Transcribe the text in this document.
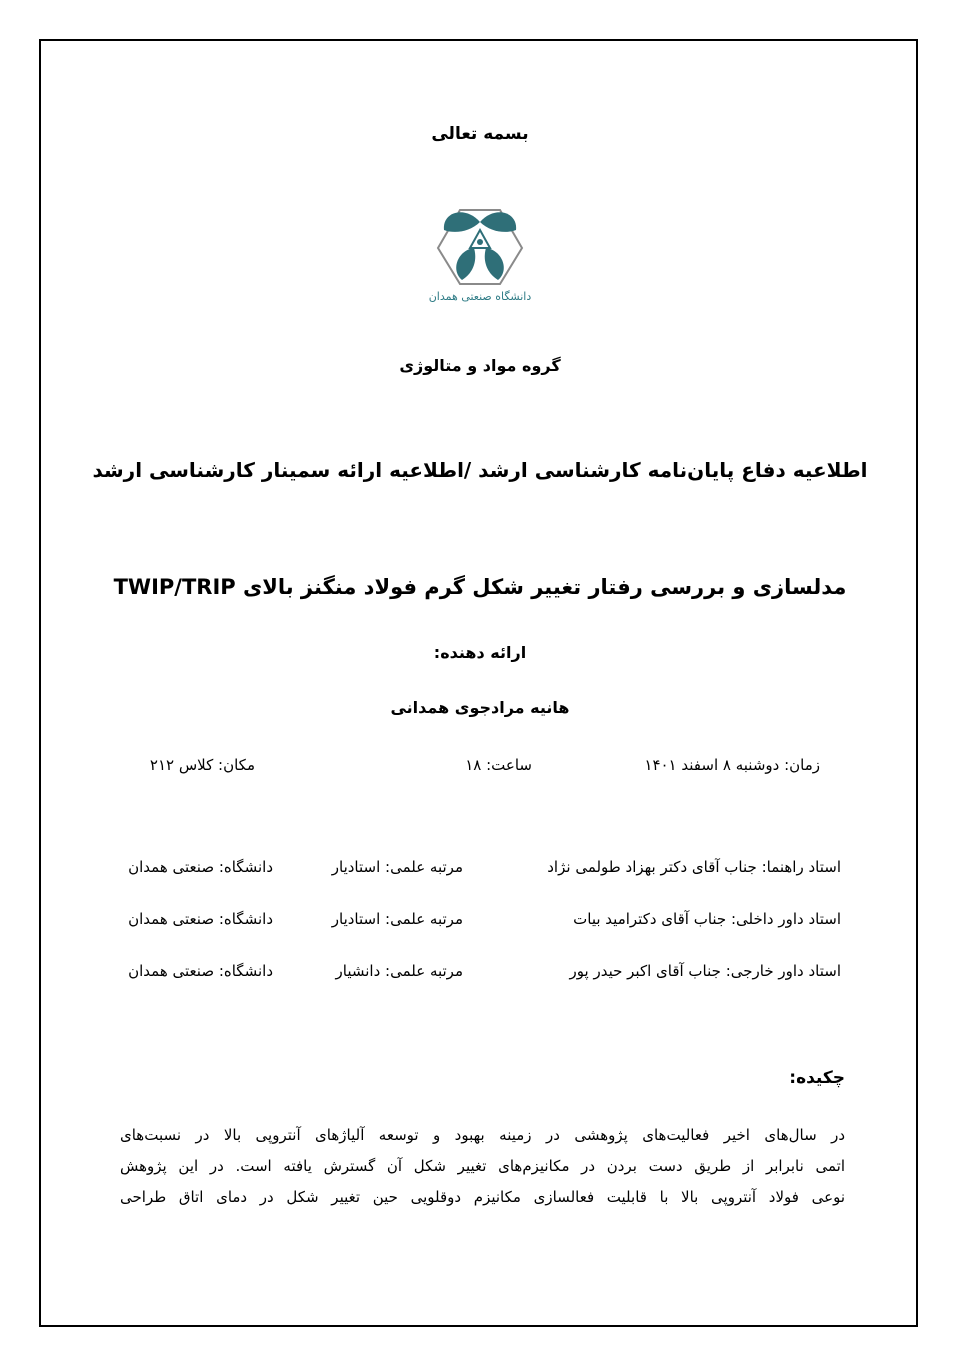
بسمه تعالی
دانشگاه صنعتی همدان
گروه مواد و متالوژی
اطلاعیه دفاع پایان‌نامه کارشناسی ارشد /اطلاعیه ارائه سمینار کارشناسی ارشد
مدلسازی و بررسی رفتار تغییر شکل گرم فولاد منگنز بالای TWIP/TRIP
ارائه دهنده:
هانیه مرادجوی همدانی
زمان: دوشنبه ۸ اسفند ۱۴۰۱
ساعت: ۱۸
مکان: کلاس ۲۱۲
استاد راهنما: جناب آقای دکتر بهزاد طولمی نژاد
مرتبه علمی: استادیار
دانشگاه: صنعتی همدان
استاد داور داخلی: جناب آقای دکترامید بیات
مرتبه علمی: استادیار
دانشگاه: صنعتی همدان
استاد داور خارجی: جناب آقای اکبر حیدر پور
مرتبه علمی: دانشیار
دانشگاه: صنعتی همدان
چکیده:
در سال‌های اخیر فعالیت‌های پژوهشی در زمینه بهبود و توسعه آلیاژهای آنتروپی بالا در نسبت‌های
اتمی نابرابر از طریق دست بردن در مکانیزم‌های تغییر شکل آن گسترش یافته است. در این پژوهش
نوعی فولاد آنتروپی بالا با قابلیت فعالسازی مکانیزم دوقلویی حین تغییر شکل در دمای اتاق طراحی
